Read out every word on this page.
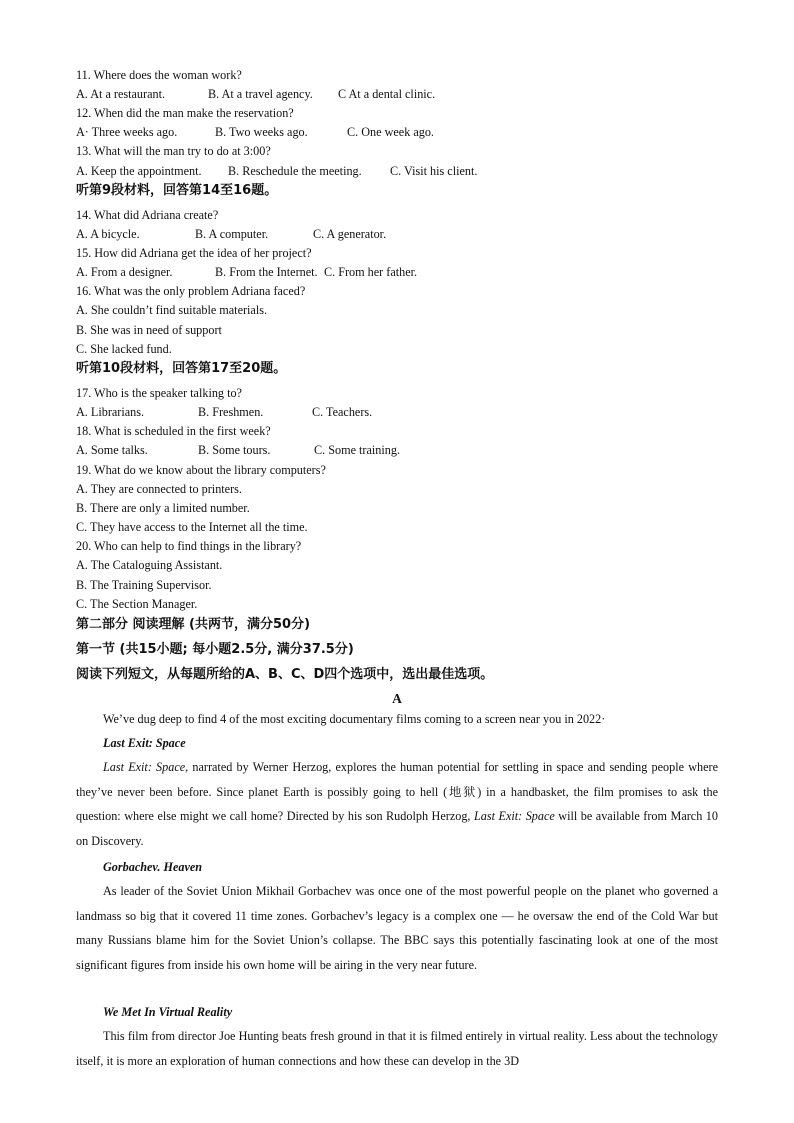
11. Where does the woman work?
A. At a restaurant.	B. At a travel agency. C At a dental clinic.
12. When did the man make the reservation?
A· Three weeks ago.	B. Two weeks ago.	C. One week ago.
13. What will the man try to do at 3:00?
A. Keep the appointment. B. Reschedule the meeting. C. Visit his client.
听第9段材料，回答第14至16题。
14. What did Adriana create?
A. A bicycle.	B. A computer.	C. A generator.
15. How did Adriana get the idea of her project?
A. From a designer.	B. From the Internet. C. From her father.
16. What was the only problem Adriana faced?
A. She couldn’t find suitable materials.
B. She was in need of support
C. She lacked fund.
听第10段材料，回答第17至20题。
17. Who is the speaker talking to?
A. Librarians.	B. Freshmen.	C. Teachers.
18. What is scheduled in the first week?
A. Some talks.	B. Some tours.	C. Some training.
19. What do we know about the library computers?
A. They are connected to printers.
B. There are only a limited number.
C. They have access to the Internet all the time.
20. Who can help to find things in the library?
A. The Cataloguing Assistant.
B. The Training Supervisor.
C. The Section Manager.
第二部分 阅读理解 (共两节，满分50分)
第一节 (共15小题; 每小题2.5分, 满分37.5分)
阅读下列短文，从每题所给的A、B、C、D四个选项中，选出最佳选项。
A
We’ve dug deep to find 4 of the most exciting documentary films coming to a screen near you in 2022·
Last Exit: Space
Last Exit: Space, narrated by Werner Herzog, explores the human potential for settling in space and sending people where they’ve never been before. Since planet Earth is possibly going to hell (地狱) in a handbasket, the film promises to ask the question: where else might we call home? Directed by his son Rudolph Herzog, Last Exit: Space will be available from March 10 on Discovery.
Gorbachev. Heaven
As leader of the Soviet Union Mikhail Gorbachev was once one of the most powerful people on the planet who governed a landmass so big that it covered 11 time zones. Gorbachev’s legacy is a complex one — he oversaw the end of the Cold War but many Russians blame him for the Soviet Union’s collapse. The BBC says this potentially fascinating look at one of the most significant figures from inside his own home will be airing in the very near future.
We Met In Virtual Reality
This film from director Joe Hunting beats fresh ground in that it is filmed entirely in virtual reality. Less about the technology itself, it is more an exploration of human connections and how these can develop in the 3D
